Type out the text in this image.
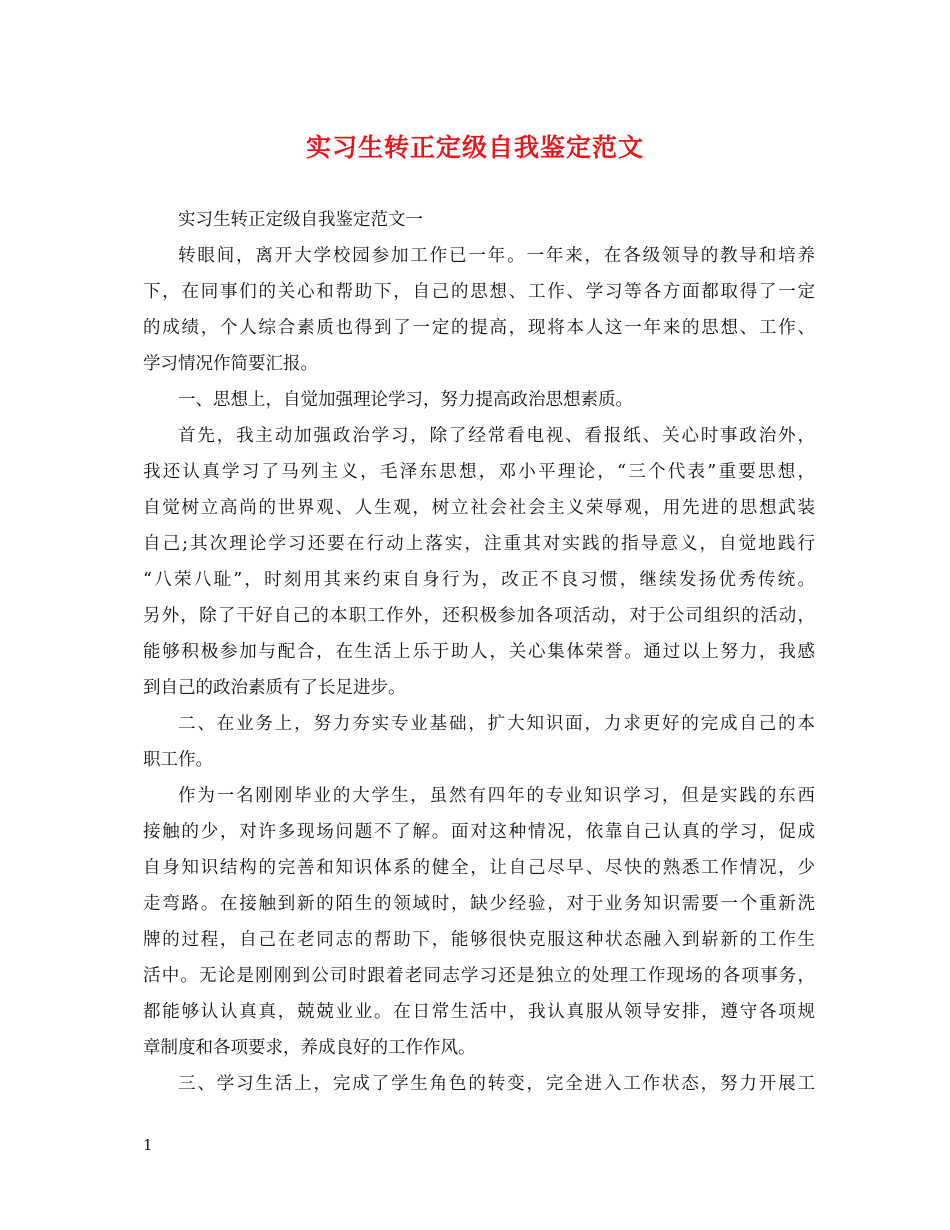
实习生转正定级自我鉴定范文
实习生转正定级自我鉴定范文一
转眼间，离开大学校园参加工作已一年。一年来，在各级领导的教导和培养
下，在同事们的关心和帮助下，自己的思想、工作、学习等各方面都取得了一定
的成绩，个人综合素质也得到了一定的提高，现将本人这一年来的思想、工作、
学习情况作简要汇报。
一、思想上，自觉加强理论学习，努力提高政治思想素质。
首先，我主动加强政治学习，除了经常看电视、看报纸、关心时事政治外，
我还认真学习了马列主义，毛泽东思想，邓小平理论，“三个代表”重要思想，
自觉树立高尚的世界观、人生观，树立社会社会主义荣辱观，用先进的思想武装
自己;其次理论学习还要在行动上落实，注重其对实践的指导意义，自觉地践行
“八荣八耻”，时刻用其来约束自身行为，改正不良习惯，继续发扬优秀传统。
另外，除了干好自己的本职工作外，还积极参加各项活动，对于公司组织的活动，
能够积极参加与配合，在生活上乐于助人，关心集体荣誉。通过以上努力，我感
到自己的政治素质有了长足进步。
二、在业务上，努力夯实专业基础，扩大知识面，力求更好的完成自己的本
职工作。
作为一名刚刚毕业的大学生，虽然有四年的专业知识学习，但是实践的东西
接触的少，对许多现场问题不了解。面对这种情况，依靠自己认真的学习，促成
自身知识结构的完善和知识体系的健全，让自己尽早、尽快的熟悉工作情况，少
走弯路。在接触到新的陌生的领域时，缺少经验，对于业务知识需要一个重新洗
牌的过程，自己在老同志的帮助下，能够很快克服这种状态融入到崭新的工作生
活中。无论是刚刚到公司时跟着老同志学习还是独立的处理工作现场的各项事务，
都能够认认真真，兢兢业业。在日常生活中，我认真服从领导安排，遵守各项规
章制度和各项要求，养成良好的工作作风。
三、学习生活上，完成了学生角色的转变，完全进入工作状态，努力开展工
1
